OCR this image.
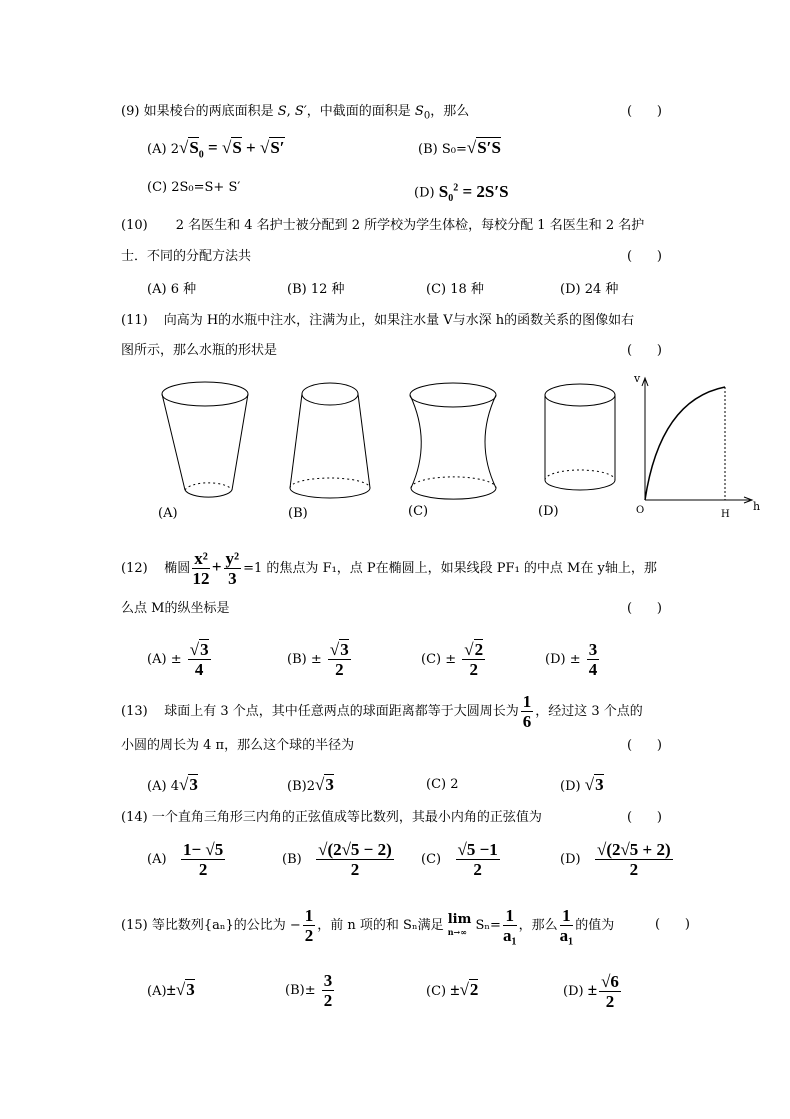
(9) 如果棱台的两底面积是 S, S′，中截面的面积是 $S_0$，那么	(      )
(A) $2√S_0 = √S + √S'$	(B) S₀=√S′S
(C) 2S₀=S+ S′	(D) $S_0^2 = 2S'S$
(10) 2 名医生和 4 名护士被分配到 2 所学校为学生体检，每校分配 1 名医生和 2 名护
士．不同的分配方法共	(      )
(A) 6 种	(B) 12 种	(C) 18 种	(D) 24 种
(11) 向高为 H的水瓶中注水，注满为止，如果注水量 V与水深 h的函数关系的图像如右
图所示，那么水瓶的形状是	(      )
(A)	(B)	(C)	(D)
v
h
O	H
(12) 椭圆 $\frac{\text{x²}}{12} + \frac{\text{y²}}{3} =1$ 的焦点为 F₁，点 P在椭圆上，如果线段 PF₁ 的中点 M在 y轴上，那
么点 M的纵坐标是	(      )
$(A) \pm \frac{√3}{4}$	$(B) \pm \frac{√3}{2}$	$(C) \pm \frac{√2}{2}$	$(D) \pm \frac{3}{4}$
(13) 球面上有 3 个点，其中任意两点的球面距离都等于大圆周长为 $\frac{1}{6}$ ，经过这 3 个点的
小圆的周长为 4 π，那么这个球的半径为	(      )
(A) 4√3	(B)2√3	(C) 2	(D) √3
(14) 一个直角三角形三内角的正弦值成等比数列，其最小内角的正弦值为	(      )
$(A) \frac{1- √5}{2}$	$(B) \frac{√(2√5 - 2)}{2} (C) \frac{√5 -1}{2}$	$(D) \frac{√(2√5 + 2)}{2}$
(15) 等比数列{aₙ}的公比为 − $\frac{1}{2}$ ，前 n 项的和 Sₙ满足 lim
n→∞ $S_n= \frac{1}{\text{a₁}}$ ，那么 $\frac{1}{\text{a₁}}$ 的值为	(      )
(A)±√3	$(B)\pm \frac{3}{2}$	(C) ±√2	$(D) \pm \frac{√6}{2}$
